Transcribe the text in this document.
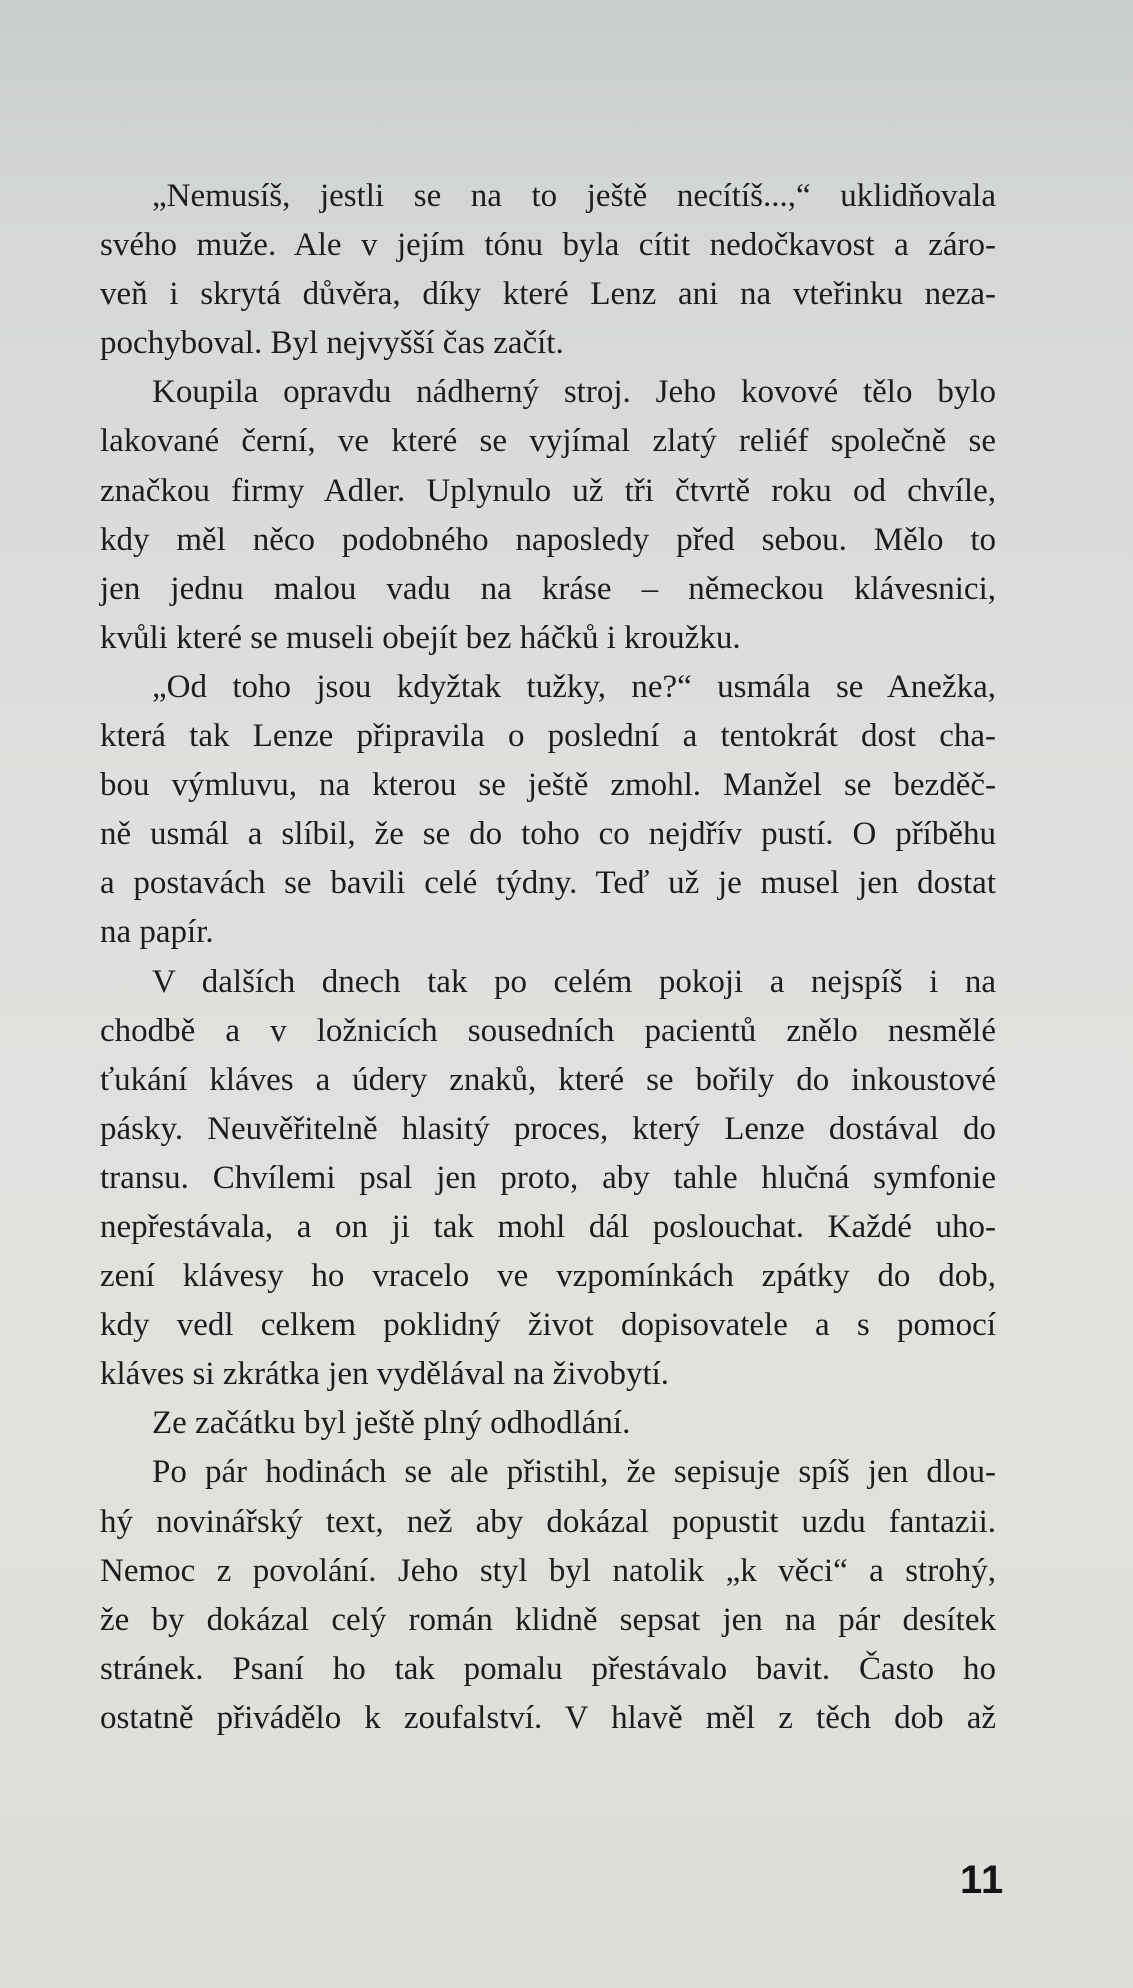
„Nemusíš, jestli se na to ještě necítíš...,“ uklidňovala
svého muže. Ale v jejím tónu byla cítit nedočkavost a záro-
veň i skrytá důvěra, díky které Lenz ani na vteřinku neza-
pochyboval. Byl nejvyšší čas začít.
Koupila opravdu nádherný stroj. Jeho kovové tělo bylo
lakované černí, ve které se vyjímal zlatý reliéf společně se
značkou firmy Adler. Uplynulo už tři čtvrtě roku od chvíle,
kdy měl něco podobného naposledy před sebou. Mělo to
jen jednu malou vadu na kráse – německou klávesnici,
kvůli které se museli obejít bez háčků i kroužku.
„Od toho jsou kdyžtak tužky, ne?“ usmála se Anežka,
která tak Lenze připravila o poslední a tentokrát dost cha-
bou výmluvu, na kterou se ještě zmohl. Manžel se bezděč-
ně usmál a slíbil, že se do toho co nejdřív pustí. O příběhu
a postavách se bavili celé týdny. Teď už je musel jen dostat
na papír.
V dalších dnech tak po celém pokoji a nejspíš i na
chodbě a v ložnicích sousedních pacientů znělo nesmělé
ťukání kláves a údery znaků, které se bořily do inkoustové
pásky. Neuvěřitelně hlasitý proces, který Lenze dostával do
transu. Chvílemi psal jen proto, aby tahle hlučná symfonie
nepřestávala, a on ji tak mohl dál poslouchat. Každé uho-
zení klávesy ho vracelo ve vzpomínkách zpátky do dob,
kdy vedl celkem poklidný život dopisovatele a s pomocí
kláves si zkrátka jen vydělával na živobytí.
Ze začátku byl ještě plný odhodlání.
Po pár hodinách se ale přistihl, že sepisuje spíš jen dlou-
hý novinářský text, než aby dokázal popustit uzdu fantazii.
Nemoc z povolání. Jeho styl byl natolik „k věci“ a strohý,
že by dokázal celý román klidně sepsat jen na pár desítek
stránek. Psaní ho tak pomalu přestávalo bavit. Často ho
ostatně přivádělo k zoufalství. V hlavě měl z těch dob až
11
